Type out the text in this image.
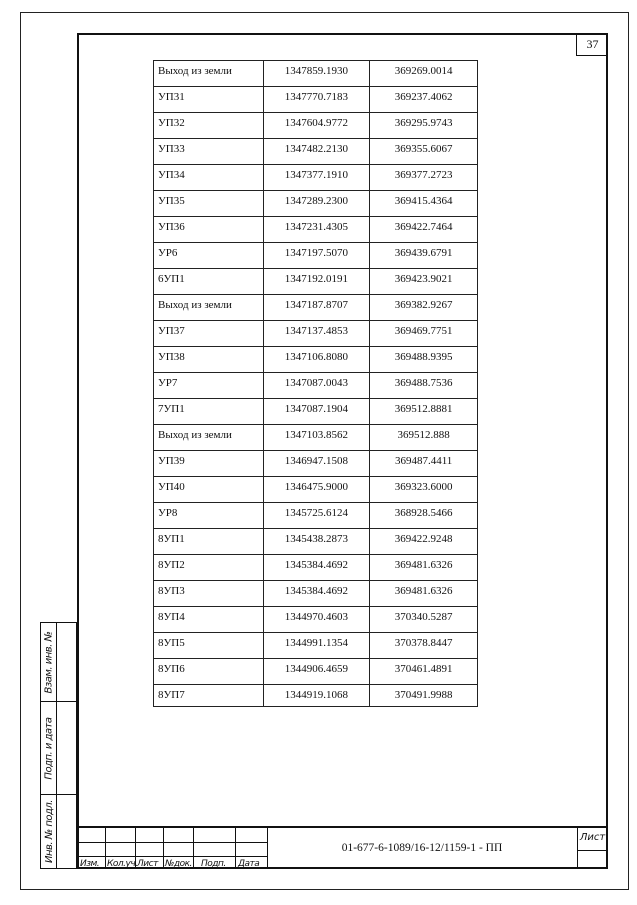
37
Выход из земли	1347859.1930	369269.0014
УП31	1347770.7183	369237.4062
УП32	1347604.9772	369295.9743
УП33	1347482.2130	369355.6067
УП34	1347377.1910	369377.2723
УП35	1347289.2300	369415.4364
УП36	1347231.4305	369422.7464
УР6	1347197.5070	369439.6791
6УП1	1347192.0191	369423.9021
Выход из земли	1347187.8707	369382.9267
УП37	1347137.4853	369469.7751
УП38	1347106.8080	369488.9395
УР7	1347087.0043	369488.7536
7УП1	1347087.1904	369512.8881
Выход из земли	1347103.8562	369512.888
УП39	1346947.1508	369487.4411
УП40	1346475.9000	369323.6000
УР8	1345725.6124	368928.5466
8УП1	1345438.2873	369422.9248
8УП2	1345384.4692	369481.6326
8УП3	1345384.4692	369481.6326
8УП4	1344970.4603	370340.5287
8УП5	1344991.1354	370378.8447
8УП6	1344906.4659	370461.4891
8УП7	1344919.1068	370491.9988
Взам. инв. №
Подп. и дата
Инв. № подл.
Изм. Кол.уч. Лист №док. Подп. Дата
01-677-6-1089/16-12/1159-1 - ПП
Лист
